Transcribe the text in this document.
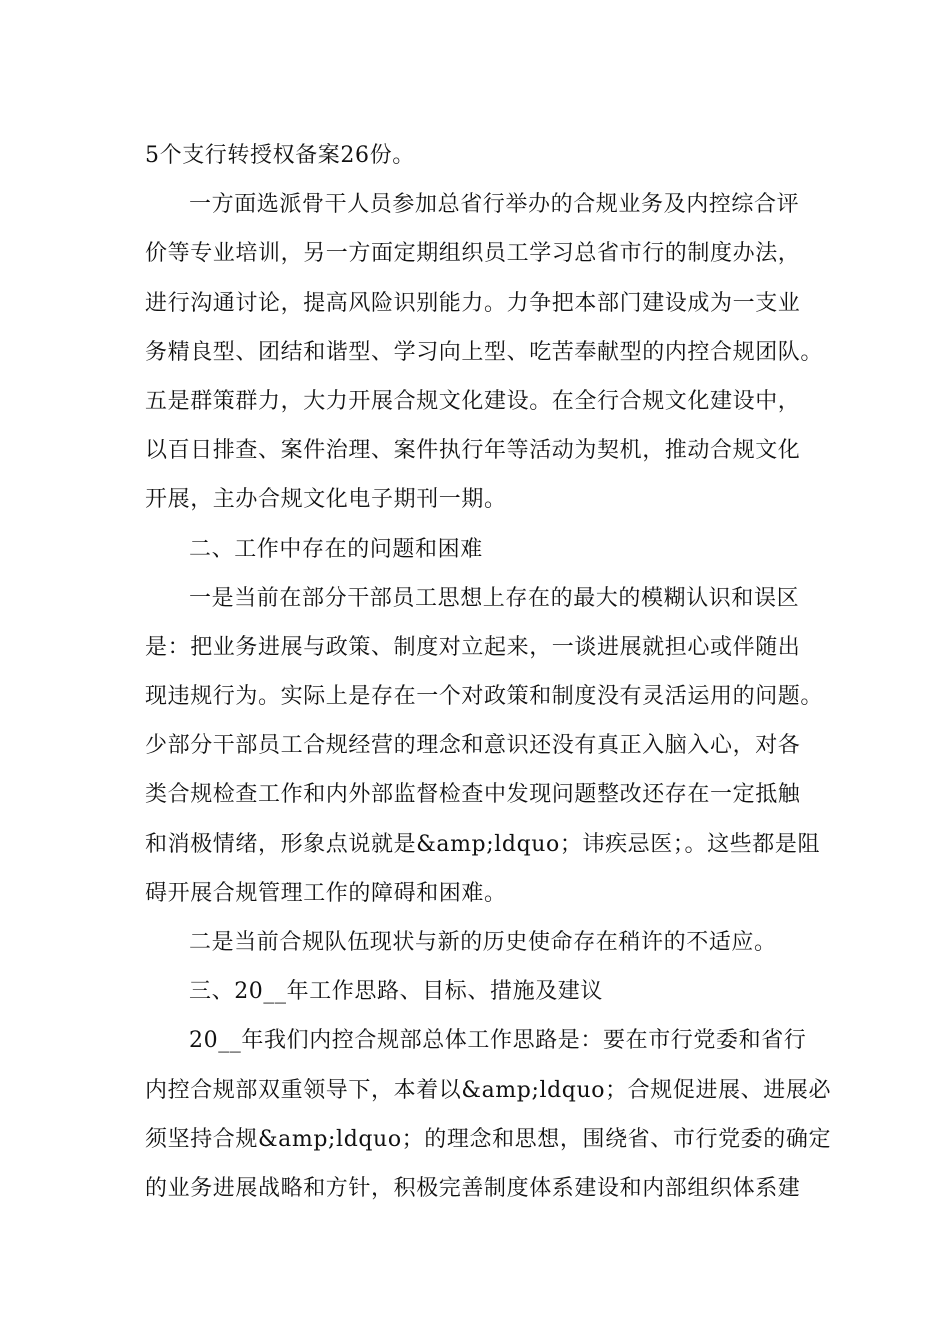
5个支行转授权备案26份。
一方面选派骨干人员参加总省行举办的合规业务及内控综合评
价等专业培训，另一方面定期组织员工学习总省市行的制度办法，
进行沟通讨论，提高风险识别能力。力争把本部门建设成为一支业
务精良型、团结和谐型、学习向上型、吃苦奉献型的内控合规团队。
五是群策群力，大力开展合规文化建设。在全行合规文化建设中，
以百日排查、案件治理、案件执行年等活动为契机，推动合规文化
开展，主办合规文化电子期刊一期。
二、工作中存在的问题和困难
一是当前在部分干部员工思想上存在的最大的模糊认识和误区
是：把业务进展与政策、制度对立起来，一谈进展就担心或伴随出
现违规行为。实际上是存在一个对政策和制度没有灵活运用的问题。
少部分干部员工合规经营的理念和意识还没有真正入脑入心，对各
类合规检查工作和内外部监督检查中发现问题整改还存在一定抵触
和消极情绪，形象点说就是&amp;ldquo；讳疾忌医；。这些都是阻
碍开展合规管理工作的障碍和困难。
二是当前合规队伍现状与新的历史使命存在稍许的不适应。
三、20__年工作思路、目标、措施及建议
20__年我们内控合规部总体工作思路是：要在市行党委和省行
内控合规部双重领导下，本着以&amp;ldquo；合规促进展、进展必
须坚持合规&amp;ldquo；的理念和思想，围绕省、市行党委的确定
的业务进展战略和方针，积极完善制度体系建设和内部组织体系建
